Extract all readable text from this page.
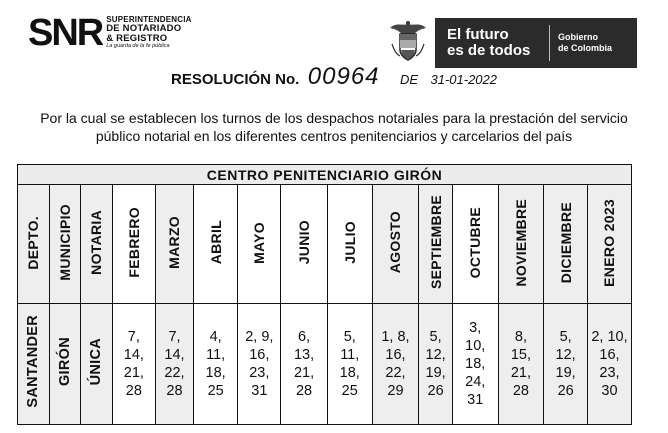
SNR SUPERINTENDENCIA
DE NOTARIADO
& REGISTRO
La guarda de la fe pública
El futuro
es de todos
Gobierno
de Colombia
RESOLUCIÓN No. 00964 DE 31-01-2022
Por la cual se establecen los turnos de los despachos notariales para la prestación del servicio
público notarial en los diferentes centros penitenciarios y carcelarios del país
CENTRO PENITENCIARIO GIRÓN														
DEPTO.	MUNICIPIO	NOTARIA	FEBRERO	MARZO	ABRIL	MAYO	JUNIO	JULIO	AGOSTO	SEPTIEMBRE	OCTUBRE	NOVIEMBRE	DICIEMBRE	ENERO 2023
SANTANDER	GIRÓN	ÚNICA	7,
14,
21,
28	7,
14,
22,
28	4,
11,
18,
25	2, 9,
16,
23,
31	6,
13,
21,
28	5,
11,
18,
25	1, 8,
16,
22,
29	5,
12,
19,
26	3,
10,
18,
24,
31	8,
15,
21,
28	5,
12,
19,
26	2, 10,
16,
23,
30
